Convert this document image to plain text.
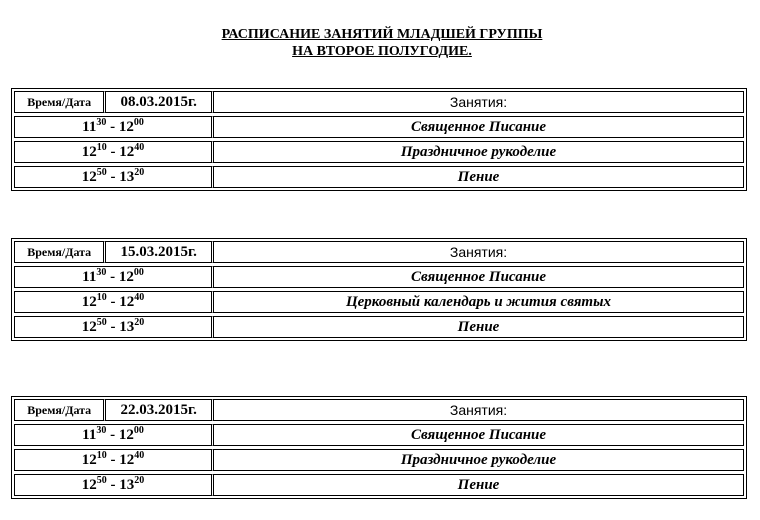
РАСПИСАНИЕ ЗАНЯТИЙ МЛАДШЕЙ ГРУППЫ
НА ВТОРОЕ ПОЛУГОДИЕ.
Время/Дата	08.03.2015г.	Занятия:
$11^{30} - 12^{00}$		Священное Писание
$12^{10} - 12^{40}$		Праздничное рукоделие
$12^{50} - 13^{20}$		Пение
Время/Дата	15.03.2015г.	Занятия:
$11^{30} - 12^{00}$		Священное Писание
$12^{10} - 12^{40}$		Церковный календарь и жития святых
$12^{50} - 13^{20}$		Пение
Время/Дата	22.03.2015г.	Занятия:
$11^{30} - 12^{00}$		Священное Писание
$12^{10} - 12^{40}$		Праздничное рукоделие
$12^{50} - 13^{20}$		Пение
